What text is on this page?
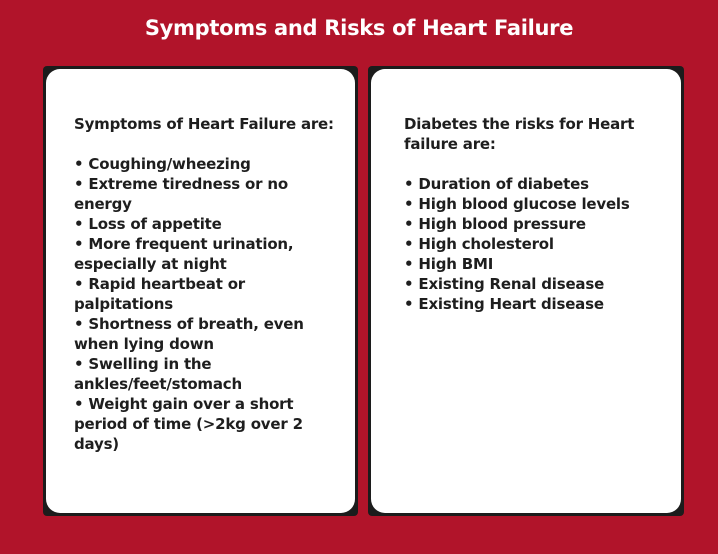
Symptoms and Risks of Heart Failure

Symptoms of Heart Failure are:

• Coughing/wheezing
• Extreme tiredness or no energy
• Loss of appetite
• More frequent urination, especially at night
• Rapid heartbeat or palpitations
• Shortness of breath, even when lying down
• Swelling in the ankles/feet/stomach
• Weight gain over a short period of time (>2kg over 2 days)

Diabetes the risks for Heart failure are:

• Duration of diabetes
• High blood glucose levels
• High blood pressure
• High cholesterol
• High BMI
• Existing Renal disease
• Existing Heart disease
